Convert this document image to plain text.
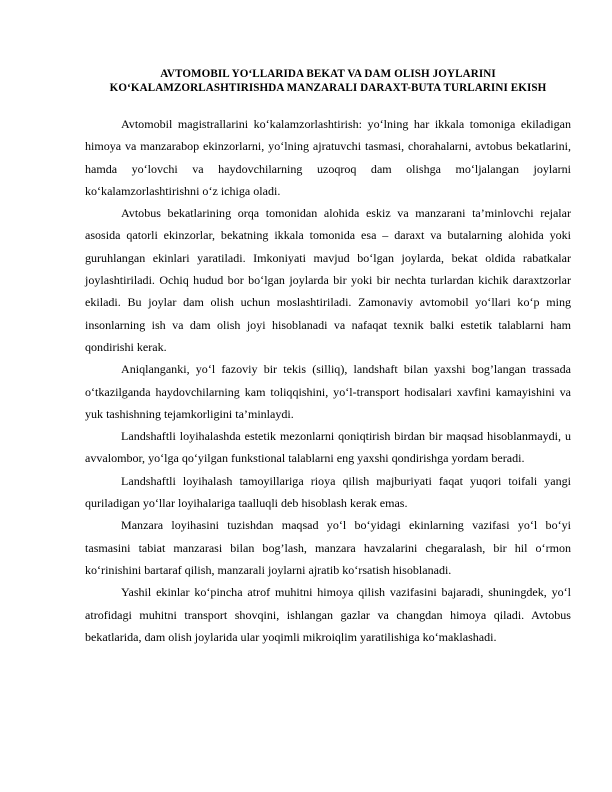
AVTOMOBIL YO‘LLARIDA BEKAT VA DAM OLISH JOYLARINI
KO‘KALAMZORLASHTIRISHDA MANZARALI DARAXT-BUTA TURLARINI EKISH

Avtomobil magistrallarini ko‘kalamzorlashtirish: yo‘lning har ikkala tomoniga ekiladigan himoya va manzarabop ekinzorlarni, yo‘lning ajratuvchi tasmasi, chorahalarni, avtobus bekatlarini, hamda yo‘lovchi va haydovchilarning uzoqroq dam olishga mo‘ljalangan joylarni ko‘kalamzorlashtirishni o‘z ichiga oladi.

Avtobus bekatlarining orqa tomonidan alohida eskiz va manzarani ta’minlovchi rejalar asosida qatorli ekinzorlar, bekatning ikkala tomonida esa – daraxt va butalarning alohida yoki guruhlangan ekinlari yaratiladi. Imkoniyati mavjud bo‘lgan joylarda, bekat oldida rabatkalar joylashtiriladi. Ochiq hudud bor bo‘lgan joylarda bir yoki bir nechta turlardan kichik daraxtzorlar ekiladi. Bu joylar dam olish uchun moslashtiriladi. Zamonaviy avtomobil yo‘llari ko‘p ming insonlarning ish va dam olish joyi hisoblanadi va nafaqat texnik balki estetik talablarni ham qondirishi kerak.

Aniqlanganki, yo‘l fazoviy bir tekis (silliq), landshaft bilan yaxshi bog’langan trassada o‘tkazilganda haydovchilarning kam toliqqishini, yo‘l-transport hodisalari xavfini kamayishini va yuk tashishning tejamkorligini ta’minlaydi.

Landshaftli loyihalashda estetik mezonlarni qoniqtirish birdan bir maqsad hisoblanmaydi, u avvalombor, yo‘lga qo‘yilgan funkstional talablarni eng yaxshi qondirishga yordam beradi.

Landshaftli loyihalash tamoyillariga rioya qilish majburiyati faqat yuqori toifali yangi quriladigan yo‘llar loyihalariga taalluqli deb hisoblash kerak emas.

Manzara loyihasini tuzishdan maqsad yo‘l bo‘yidagi ekinlarning vazifasi yo‘l bo‘yi tasmasini tabiat manzarasi bilan bog’lash, manzara havzalarini chegaralash, bir hil o‘rmon ko‘rinishini bartaraf qilish, manzarali joylarni ajratib ko‘rsatish hisoblanadi.

Yashil ekinlar ko‘pincha atrof muhitni himoya qilish vazifasini bajaradi, shuningdek, yo‘l atrofidagi muhitni transport shovqini, ishlangan gazlar va changdan himoya qiladi. Avtobus bekatlarida, dam olish joylarida ular yoqimli mikroiqlim yaratilishiga ko‘maklashadi.
